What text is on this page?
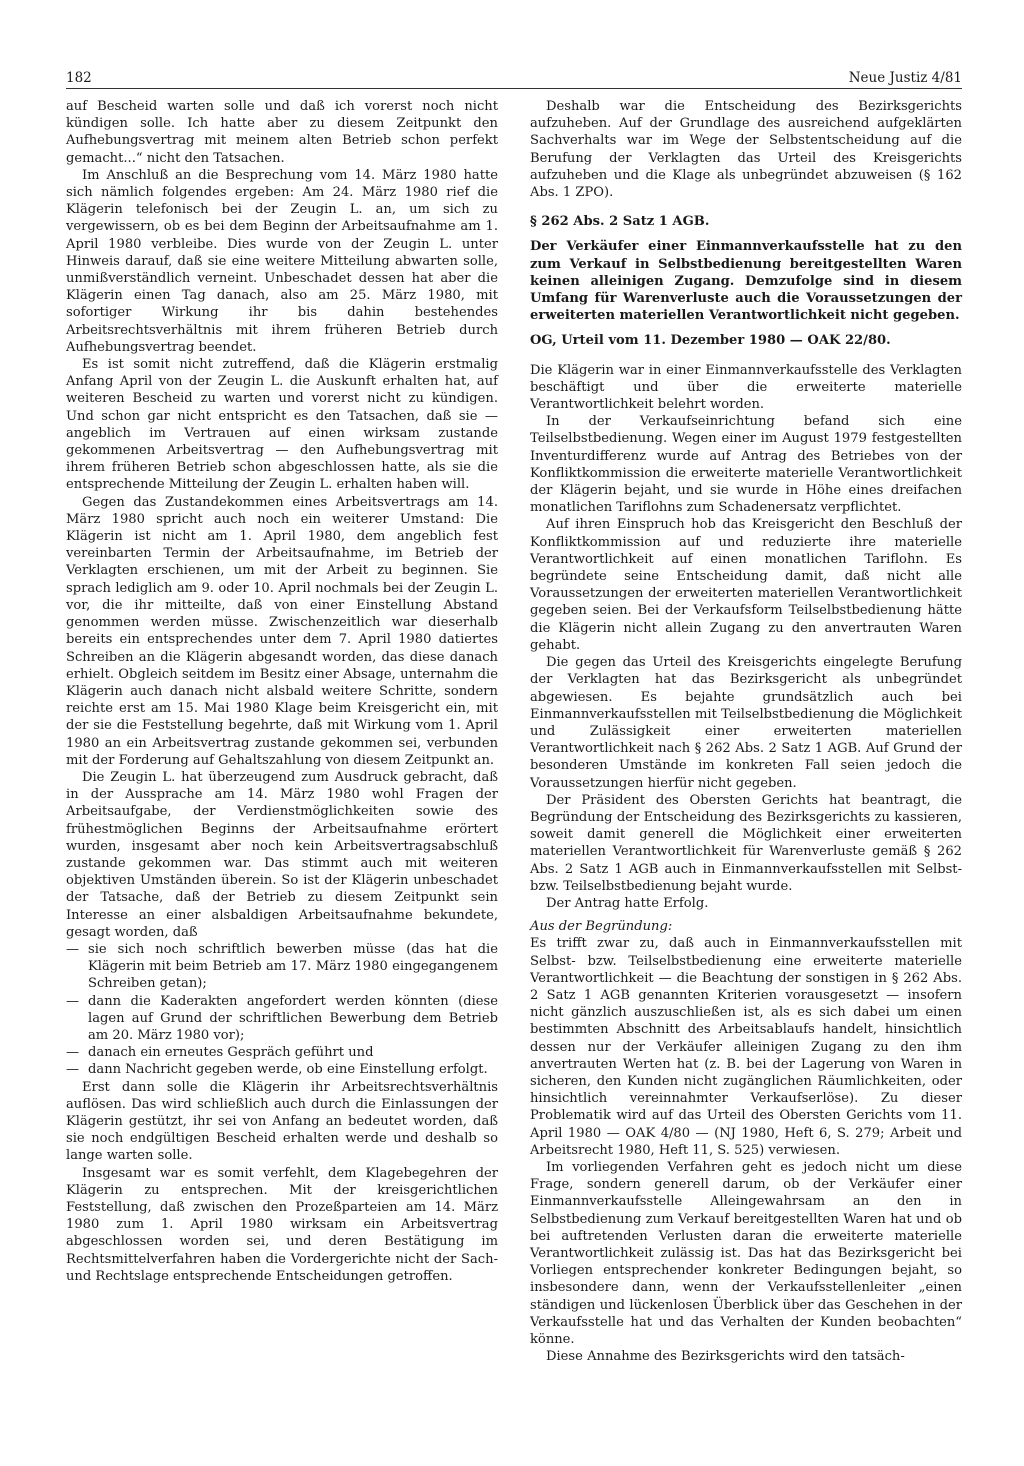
182	Neue Justiz 4/81

auf Bescheid warten solle und daß ich vorerst noch nicht kündigen solle. Ich hatte aber zu diesem Zeitpunkt den Aufhebungsvertrag mit meinem alten Betrieb schon perfekt gemacht...“ nicht den Tatsachen.

Im Anschluß an die Besprechung vom 14. März 1980 hatte sich nämlich folgendes ergeben: Am 24. März 1980 rief die Klägerin telefonisch bei der Zeugin L. an, um sich zu vergewissern, ob es bei dem Beginn der Arbeitsaufnahme am 1. April 1980 verbleibe. Dies wurde von der Zeugin L. unter Hinweis darauf, daß sie eine weitere Mitteilung abwarten solle, unmißverständlich verneint. Unbeschadet dessen hat aber die Klägerin einen Tag danach, also am 25. März 1980, mit sofortiger Wirkung ihr bis dahin bestehendes Arbeitsrechtsverhältnis mit ihrem früheren Betrieb durch Aufhebungsvertrag beendet.

Es ist somit nicht zutreffend, daß die Klägerin erstmalig Anfang April von der Zeugin L. die Auskunft erhalten hat, auf weiteren Bescheid zu warten und vorerst nicht zu kündigen. Und schon gar nicht entspricht es den Tatsachen, daß sie — angeblich im Vertrauen auf einen wirksam zustande gekommenen Arbeitsvertrag — den Aufhebungsvertrag mit ihrem früheren Betrieb schon abgeschlossen hatte, als sie die entsprechende Mitteilung der Zeugin L. erhalten haben will.

Gegen das Zustandekommen eines Arbeitsvertrags am 14. März 1980 spricht auch noch ein weiterer Umstand: Die Klägerin ist nicht am 1. April 1980, dem angeblich fest vereinbarten Termin der Arbeitsaufnahme, im Betrieb der Verklagten erschienen, um mit der Arbeit zu beginnen. Sie sprach lediglich am 9. oder 10. April nochmals bei der Zeugin L. vor, die ihr mitteilte, daß von einer Einstellung Abstand genommen werden müsse. Zwischenzeitlich war dieserhalb bereits ein entsprechendes unter dem 7. April 1980 datiertes Schreiben an die Klägerin abgesandt worden, das diese danach erhielt. Obgleich seitdem im Besitz einer Absage, unternahm die Klägerin auch danach nicht alsbald weitere Schritte, sondern reichte erst am 15. Mai 1980 Klage beim Kreisgericht ein, mit der sie die Feststellung begehrte, daß mit Wirkung vom 1. April 1980 an ein Arbeitsvertrag zustande gekommen sei, verbunden mit der Forderung auf Gehaltszahlung von diesem Zeitpunkt an.

Die Zeugin L. hat überzeugend zum Ausdruck gebracht, daß in der Aussprache am 14. März 1980 wohl Fragen der Arbeitsaufgabe, der Verdienstmöglichkeiten sowie des frühestmöglichen Beginns der Arbeitsaufnahme erörtert wurden, insgesamt aber noch kein Arbeitsvertragsabschluß zustande gekommen war. Das stimmt auch mit weiteren objektiven Umständen überein. So ist der Klägerin unbeschadet der Tatsache, daß der Betrieb zu diesem Zeitpunkt sein Interesse an einer alsbaldigen Arbeitsaufnahme bekundete, gesagt worden, daß

— sie sich noch schriftlich bewerben müsse (das hat die Klägerin mit beim Betrieb am 17. März 1980 eingegangenem Schreiben getan);

— dann die Kaderakten angefordert werden könnten (diese lagen auf Grund der schriftlichen Bewerbung dem Betrieb am 20. März 1980 vor);

— danach ein erneutes Gespräch geführt und

— dann Nachricht gegeben werde, ob eine Einstellung erfolgt.

Erst dann solle die Klägerin ihr Arbeitsrechtsverhältnis auflösen. Das wird schließlich auch durch die Einlassungen der Klägerin gestützt, ihr sei von Anfang an bedeutet worden, daß sie noch endgültigen Bescheid erhalten werde und deshalb so lange warten solle.

Insgesamt war es somit verfehlt, dem Klagebegehren der Klägerin zu entsprechen. Mit der kreisgerichtlichen Feststellung, daß zwischen den Prozeßparteien am 14. März 1980 zum 1. April 1980 wirksam ein Arbeitsvertrag abgeschlossen worden sei, und deren Bestätigung im Rechtsmittelverfahren haben die Vordergerichte nicht der Sach- und Rechtslage entsprechende Entscheidungen getroffen.

Deshalb war die Entscheidung des Bezirksgerichts aufzuheben. Auf der Grundlage des ausreichend aufgeklärten Sachverhalts war im Wege der Selbstentscheidung auf die Berufung der Verklagten das Urteil des Kreisgerichts aufzuheben und die Klage als unbegründet abzuweisen (§ 162 Abs. 1 ZPO).

§ 262 Abs. 2 Satz 1 AGB.

Der Verkäufer einer Einmannverkaufsstelle hat zu den zum Verkauf in Selbstbedienung bereitgestellten Waren keinen alleinigen Zugang. Demzufolge sind in diesem Umfang für Warenverluste auch die Voraussetzungen der erweiterten materiellen Verantwortlichkeit nicht gegeben.

OG, Urteil vom 11. Dezember 1980 — OAK 22/80.

Die Klägerin war in einer Einmannverkaufsstelle des Verklagten beschäftigt und über die erweiterte materielle Verantwortlichkeit belehrt worden.

In der Verkaufseinrichtung befand sich eine Teilselbstbedienung. Wegen einer im August 1979 festgestellten Inventurdifferenz wurde auf Antrag des Betriebes von der Konfliktkommission die erweiterte materielle Verantwortlichkeit der Klägerin bejaht, und sie wurde in Höhe eines dreifachen monatlichen Tariflohns zum Schadenersatz verpflichtet.

Auf ihren Einspruch hob das Kreisgericht den Beschluß der Konfliktkommission auf und reduzierte ihre materielle Verantwortlichkeit auf einen monatlichen Tariflohn. Es begründete seine Entscheidung damit, daß nicht alle Voraussetzungen der erweiterten materiellen Verantwortlichkeit gegeben seien. Bei der Verkaufsform Teilselbstbedienung hätte die Klägerin nicht allein Zugang zu den anvertrauten Waren gehabt.

Die gegen das Urteil des Kreisgerichts eingelegte Berufung der Verklagten hat das Bezirksgericht als unbegründet abgewiesen. Es bejahte grundsätzlich auch bei Einmannverkaufsstellen mit Teilselbstbedienung die Möglichkeit und Zulässigkeit einer erweiterten materiellen Verantwortlichkeit nach § 262 Abs. 2 Satz 1 AGB. Auf Grund der besonderen Umstände im konkreten Fall seien jedoch die Voraussetzungen hierfür nicht gegeben.

Der Präsident des Obersten Gerichts hat beantragt, die Begründung der Entscheidung des Bezirksgerichts zu kassieren, soweit damit generell die Möglichkeit einer erweiterten materiellen Verantwortlichkeit für Warenverluste gemäß § 262 Abs. 2 Satz 1 AGB auch in Einmannverkaufsstellen mit Selbst- bzw. Teilselbstbedienung bejaht wurde.

Der Antrag hatte Erfolg.

Aus der Begründung:

Es trifft zwar zu, daß auch in Einmannverkaufsstellen mit Selbst- bzw. Teilselbstbedienung eine erweiterte materielle Verantwortlichkeit — die Beachtung der sonstigen in § 262 Abs. 2 Satz 1 AGB genannten Kriterien vorausgesetzt — insofern nicht gänzlich auszuschließen ist, als es sich dabei um einen bestimmten Abschnitt des Arbeitsablaufs handelt, hinsichtlich dessen nur der Verkäufer alleinigen Zugang zu den ihm anvertrauten Werten hat (z. B. bei der Lagerung von Waren in sicheren, den Kunden nicht zugänglichen Räumlichkeiten, oder hinsichtlich vereinnahmter Verkaufserlöse). Zu dieser Problematik wird auf das Urteil des Obersten Gerichts vom 11. April 1980 — OAK 4/80 — (NJ 1980, Heft 6, S. 279; Arbeit und Arbeitsrecht 1980, Heft 11, S. 525) verwiesen.

Im vorliegenden Verfahren geht es jedoch nicht um diese Frage, sondern generell darum, ob der Verkäufer einer Einmannverkaufsstelle Alleingewahrsam an den in Selbstbedienung zum Verkauf bereitgestellten Waren hat und ob bei auftretenden Verlusten daran die erweiterte materielle Verantwortlichkeit zulässig ist. Das hat das Bezirksgericht bei Vorliegen entsprechender konkreter Bedingungen bejaht, so insbesondere dann, wenn der Verkaufsstellenleiter „einen ständigen und lückenlosen Überblick über das Geschehen in der Verkaufsstelle hat und das Verhalten der Kunden beobachten“ könne.

Diese Annahme des Bezirksgerichts wird den tatsäch-
